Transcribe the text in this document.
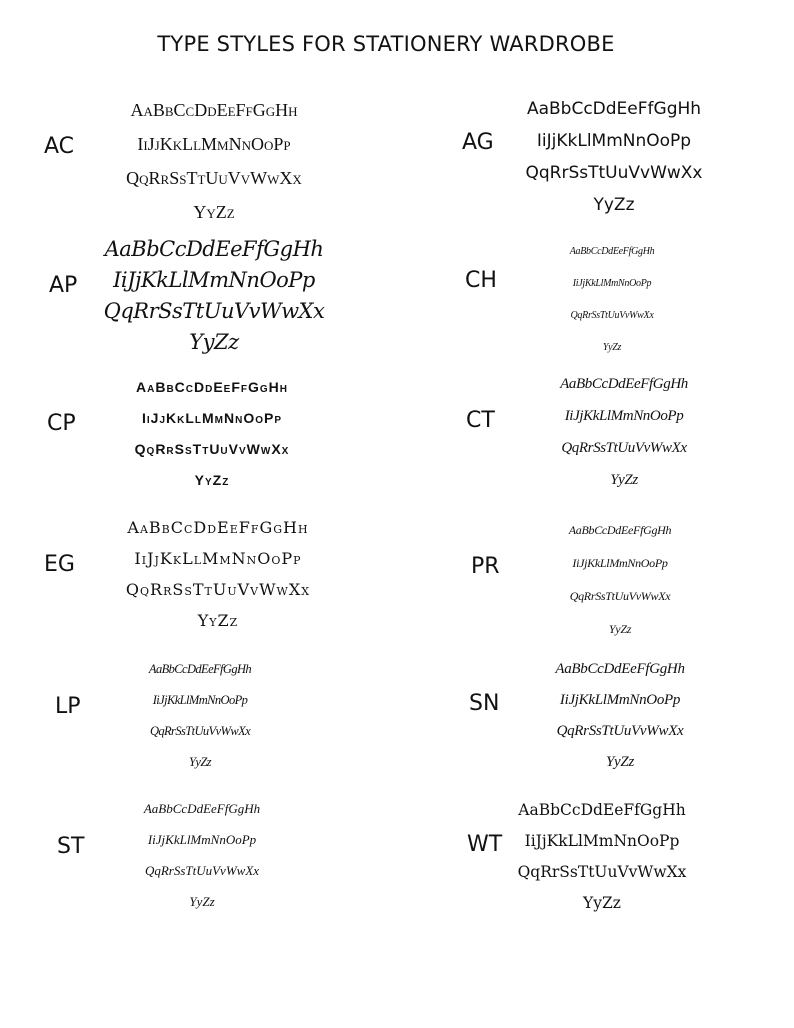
TYPE STYLES FOR STATIONERY WARDROBE
AC
AaBbCcDdEeFfGgHh
IiJjKkLlMmNnOoPp
QqRrSsTtUuVvWwXx
YyZz
AG
AaBbCcDdEeFfGgHh
IiJjKkLlMmNnOoPp
QqRrSsTtUuVvWwXx
YyZz
AP
AaBbCcDdEeFfGgHh
IiJjKkLlMmNnOoPp
QqRrSsTtUuVvWwXx
YyZz
CH
AaBbCcDdEeFfGgHh
IiJjKkLlMmNnOoPp
QqRrSsTtUuVvWwXx
YyZz
CP
AaBbCcDdEeFfGgHh
IiJjKkLlMmNnOoPp
QqRrSsTtUuVvWwXx
YyZz
CT
AaBbCcDdEeFfGgHh
IiJjKkLlMmNnOoPp
QqRrSsTtUuVvWwXx
YyZz
EG
AaBbCcDdEeFfGgHh
IiJjKkLlMmNnOoPp
QqRrSsTtUuVvWwXx
YyZz
PR
AaBbCcDdEeFfGgHh
IiJjKkLlMmNnOoPp
QqRrSsTtUuVvWwXx
YyZz
LP
AaBbCcDdEeFfGgHh
IiJjKkLlMmNnOoPp
QqRrSsTtUuVvWwXx
YyZz
SN
AaBbCcDdEeFfGgHh
IiJjKkLlMmNnOoPp
QqRrSsTtUuVvWwXx
YyZz
ST
AaBbCcDdEeFfGgHh
IiJjKkLlMmNnOoPp
QqRrSsTtUuVvWwXx
YyZz
WT
AaBbCcDdEeFfGgHh
IiJjKkLlMmNnOoPp
QqRrSsTtUuVvWwXx
YyZz
